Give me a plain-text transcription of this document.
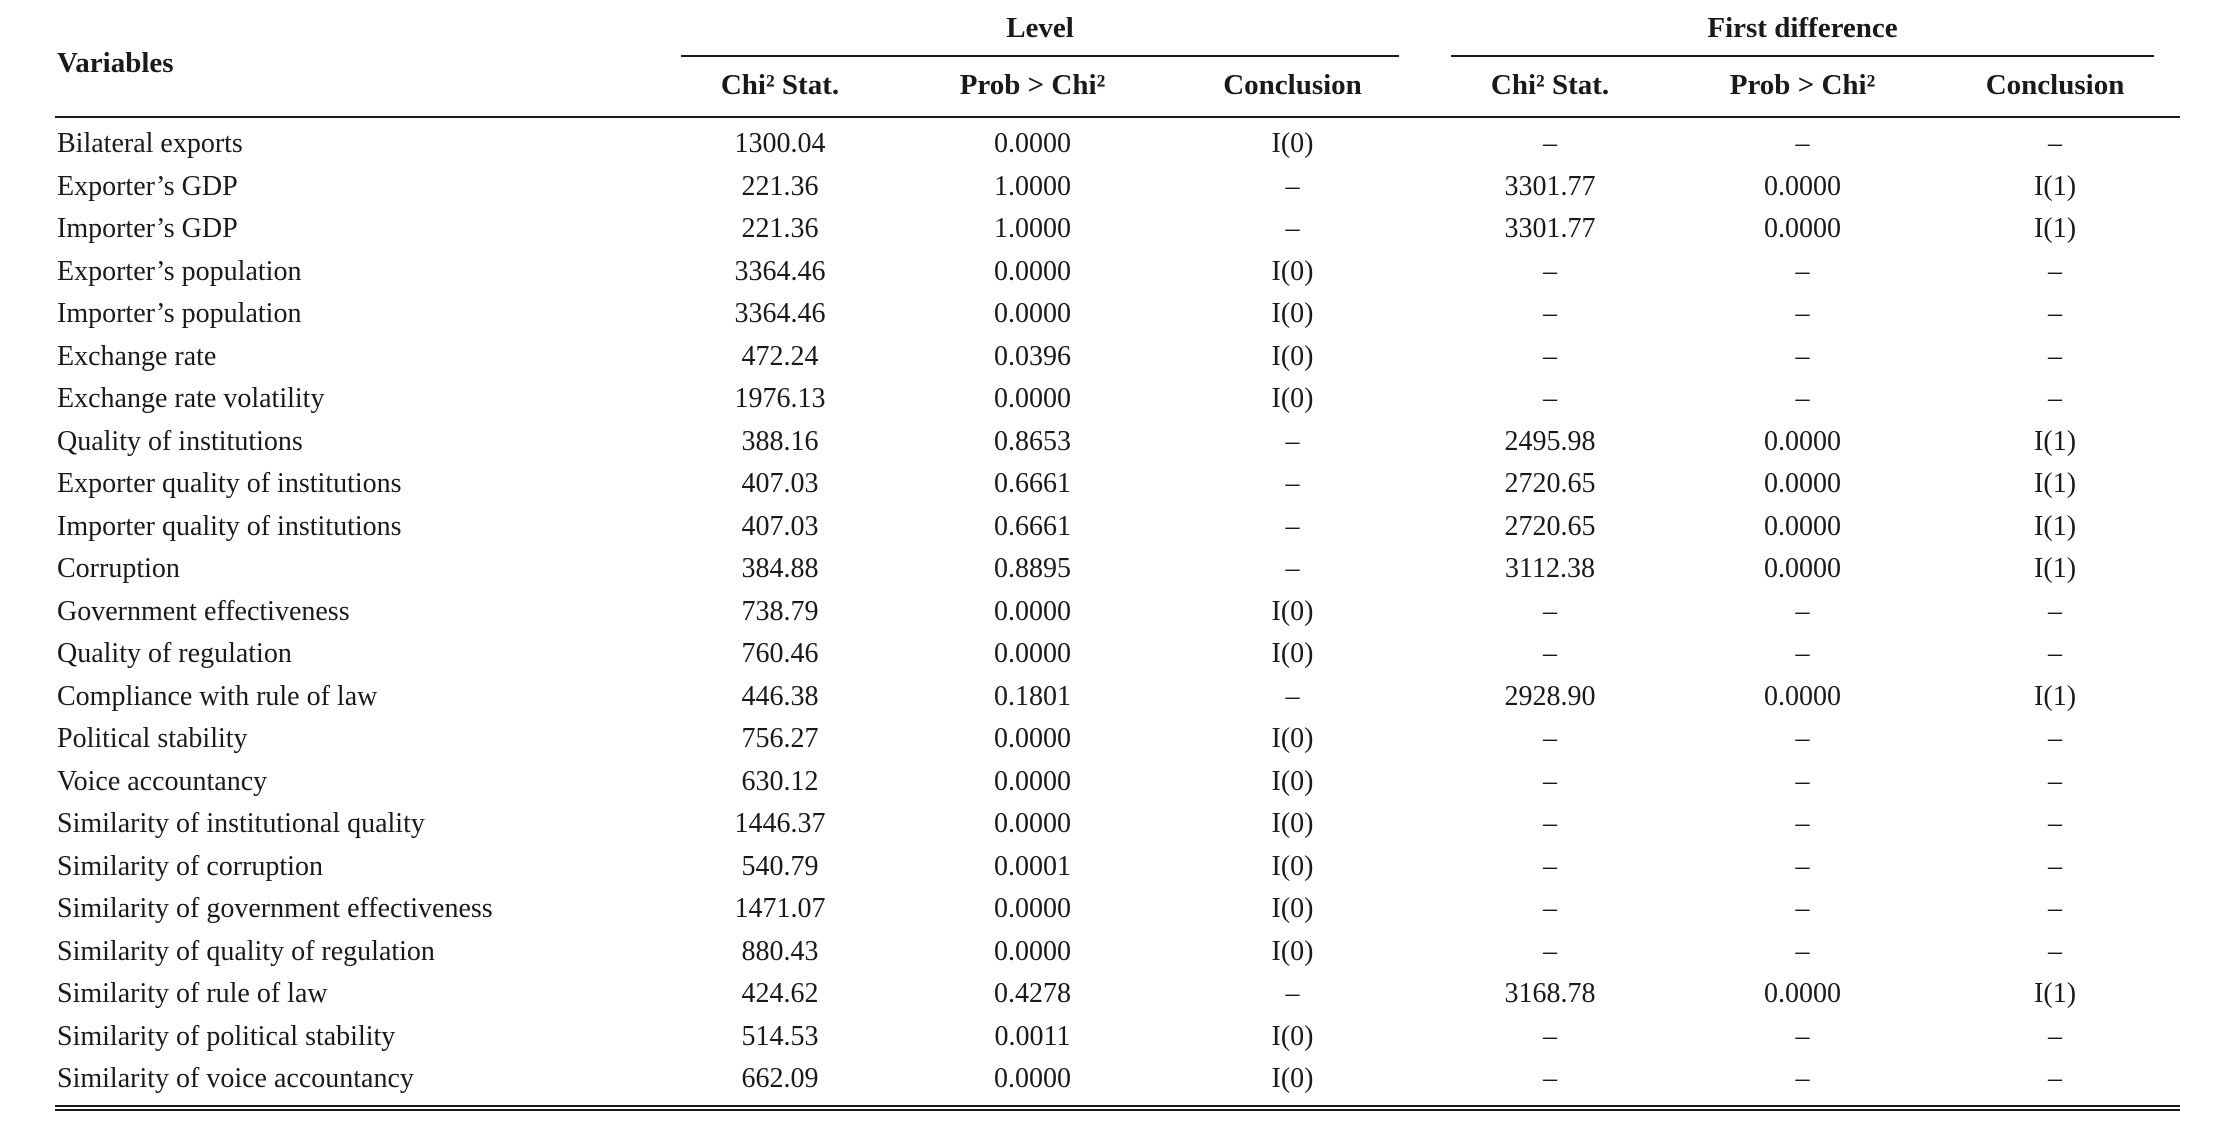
Variables	Level			First difference		

	Chi² Stat.	Prob > Chi²	Conclusion	Chi² Stat.	Prob > Chi²	Conclusion
Bilateral exports	1300.04	0.0000	I(0)	–	–	–
Exporter’s GDP	221.36	1.0000	–	3301.77	0.0000	I(1)
Importer’s GDP	221.36	1.0000	–	3301.77	0.0000	I(1)
Exporter’s population	3364.46	0.0000	I(0)	–	–	–
Importer’s population	3364.46	0.0000	I(0)	–	–	–
Exchange rate	472.24	0.0396	I(0)	–	–	–
Exchange rate volatility	1976.13	0.0000	I(0)	–	–	–
Quality of institutions	388.16	0.8653	–	2495.98	0.0000	I(1)
Exporter quality of institutions	407.03	0.6661	–	2720.65	0.0000	I(1)
Importer quality of institutions	407.03	0.6661	–	2720.65	0.0000	I(1)
Corruption	384.88	0.8895	–	3112.38	0.0000	I(1)
Government effectiveness	738.79	0.0000	I(0)	–	–	–
Quality of regulation	760.46	0.0000	I(0)	–	–	–
Compliance with rule of law	446.38	0.1801	–	2928.90	0.0000	I(1)
Political stability	756.27	0.0000	I(0)	–	–	–
Voice accountancy	630.12	0.0000	I(0)	–	–	–
Similarity of institutional quality	1446.37	0.0000	I(0)	–	–	–
Similarity of corruption	540.79	0.0001	I(0)	–	–	–
Similarity of government effectiveness	1471.07	0.0000	I(0)	–	–	–
Similarity of quality of regulation	880.43	0.0000	I(0)	–	–	–
Similarity of rule of law	424.62	0.4278	–	3168.78	0.0000	I(1)
Similarity of political stability	514.53	0.0011	I(0)	–	–	–
Similarity of voice accountancy	662.09	0.0000	I(0)	–	–	–
